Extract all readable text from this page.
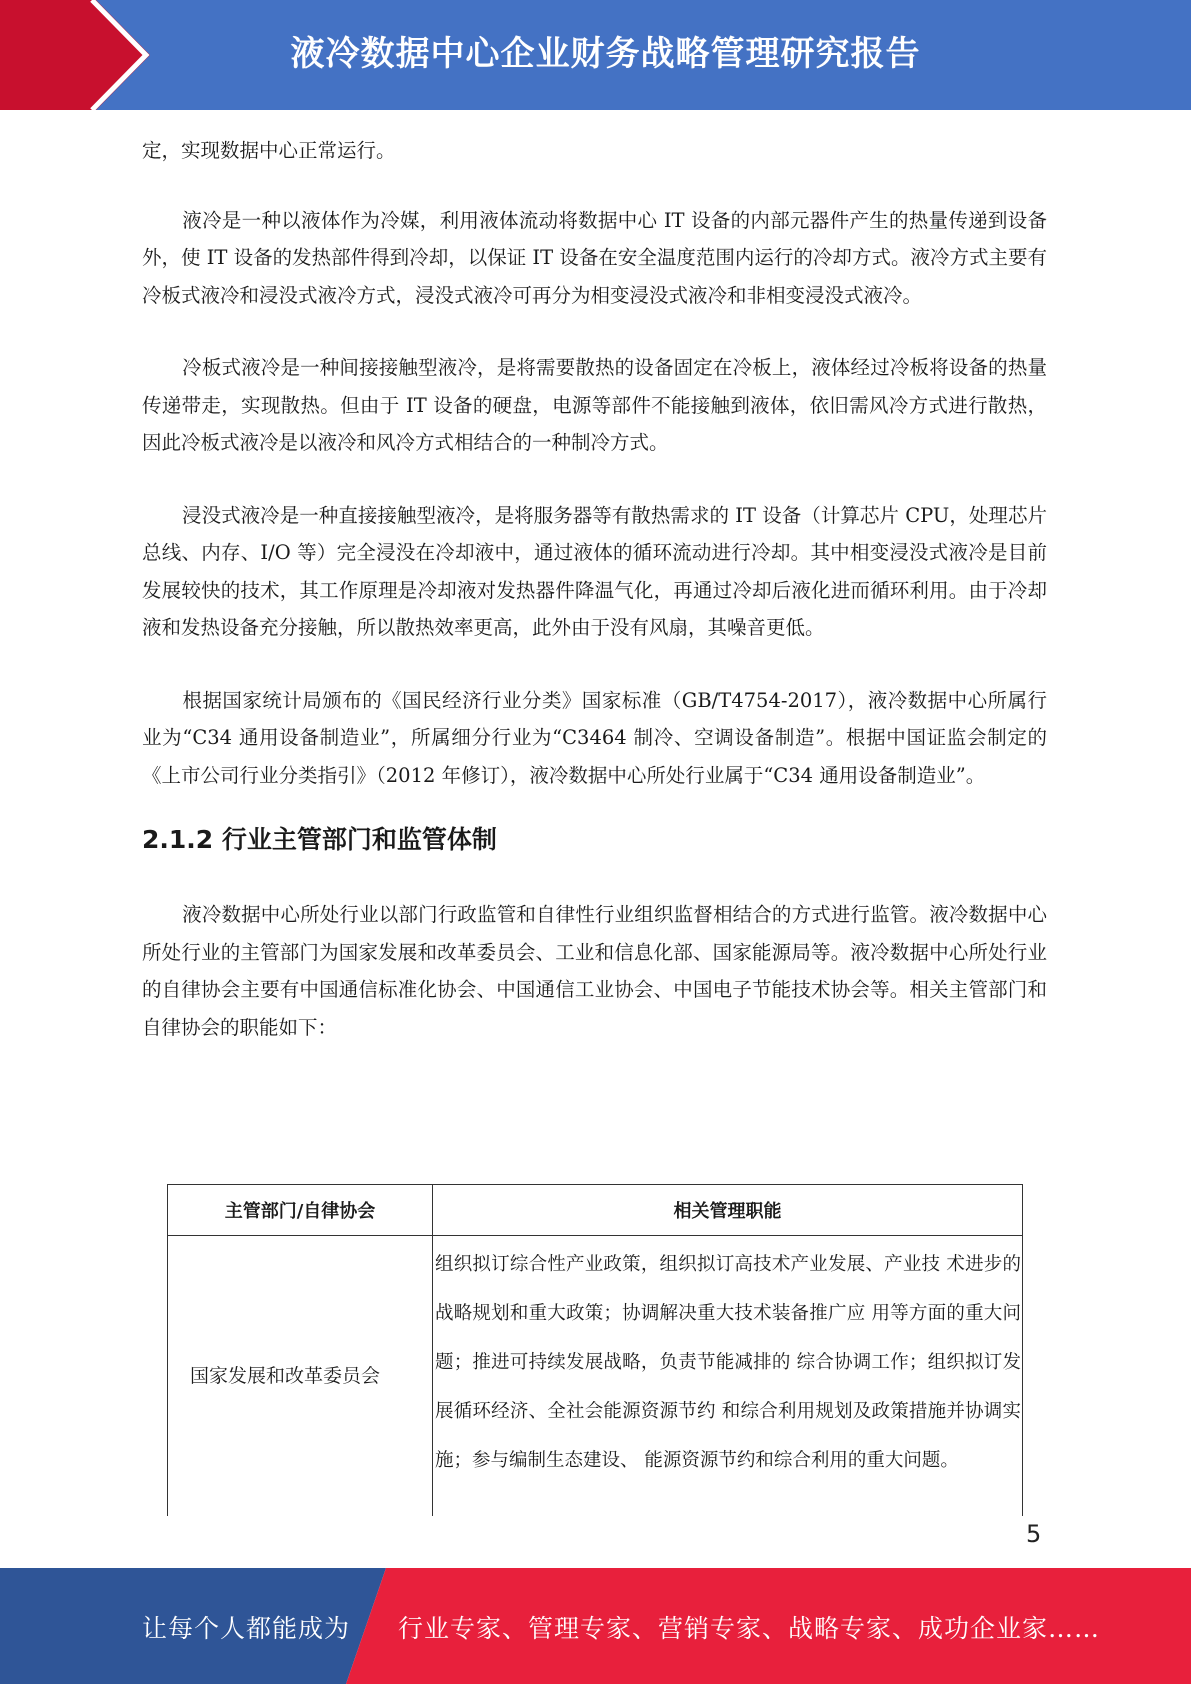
液冷数据中心企业财务战略管理研究报告

定，实现数据中心正常运行。

液冷是一种以液体作为冷媒，利用液体流动将数据中心 IT 设备的内部元器件产生的热量传递到设备外，使 IT 设备的发热部件得到冷却，以保证 IT 设备在安全温度范围内运行的冷却方式。液冷方式主要有冷板式液冷和浸没式液冷方式，浸没式液冷可再分为相变浸没式液冷和非相变浸没式液冷。

冷板式液冷是一种间接接触型液冷，是将需要散热的设备固定在冷板上，液体经过冷板将设备的热量传递带走，实现散热。但由于 IT 设备的硬盘，电源等部件不能接触到液体，依旧需风冷方式进行散热，因此冷板式液冷是以液冷和风冷方式相结合的一种制冷方式。

浸没式液冷是一种直接接触型液冷，是将服务器等有散热需求的 IT 设备（计算芯片 CPU，处理芯片总线、内存、I/O 等）完全浸没在冷却液中，通过液体的循环流动进行冷却。其中相变浸没式液冷是目前发展较快的技术，其工作原理是冷却液对发热器件降温气化，再通过冷却后液化进而循环利用。由于冷却液和发热设备充分接触，所以散热效率更高，此外由于没有风扇，其噪音更低。

根据国家统计局颁布的《国民经济行业分类》国家标准（GB/T4754-2017），液冷数据中心所属行业为“C34 通用设备制造业”，所属细分行业为“C3464 制冷、空调设备制造”。根据中国证监会制定的《上市公司行业分类指引》（2012 年修订），液冷数据中心所处行业属于“C34 通用设备制造业”。

2.1.2 行业主管部门和监管体制

液冷数据中心所处行业以部门行政监管和自律性行业组织监督相结合的方式进行监管。液冷数据中心所处行业的主管部门为国家发展和改革委员会、工业和信息化部、国家能源局等。液冷数据中心所处行业的自律协会主要有中国通信标准化协会、中国通信工业协会、中国电子节能技术协会等。相关主管部门和自律协会的职能如下：

主管部门/自律协会	相关管理职能
国家发展和改革委员会	组织拟订综合性产业政策，组织拟订高技术产业发展、产业技 术进步的战略规划和重大政策；协调解决重大技术装备推广应 用等方面的重大问题；推进可持续发展战略，负责节能减排的 综合协调工作；组织拟订发展循环经济、全社会能源资源节约 和综合利用规划及政策措施并协调实施；参与编制生态建设、 能源资源节约和综合利用的重大问题。
5
让每个人都能成为 行业专家、管理专家、营销专家、战略专家、成功企业家……
